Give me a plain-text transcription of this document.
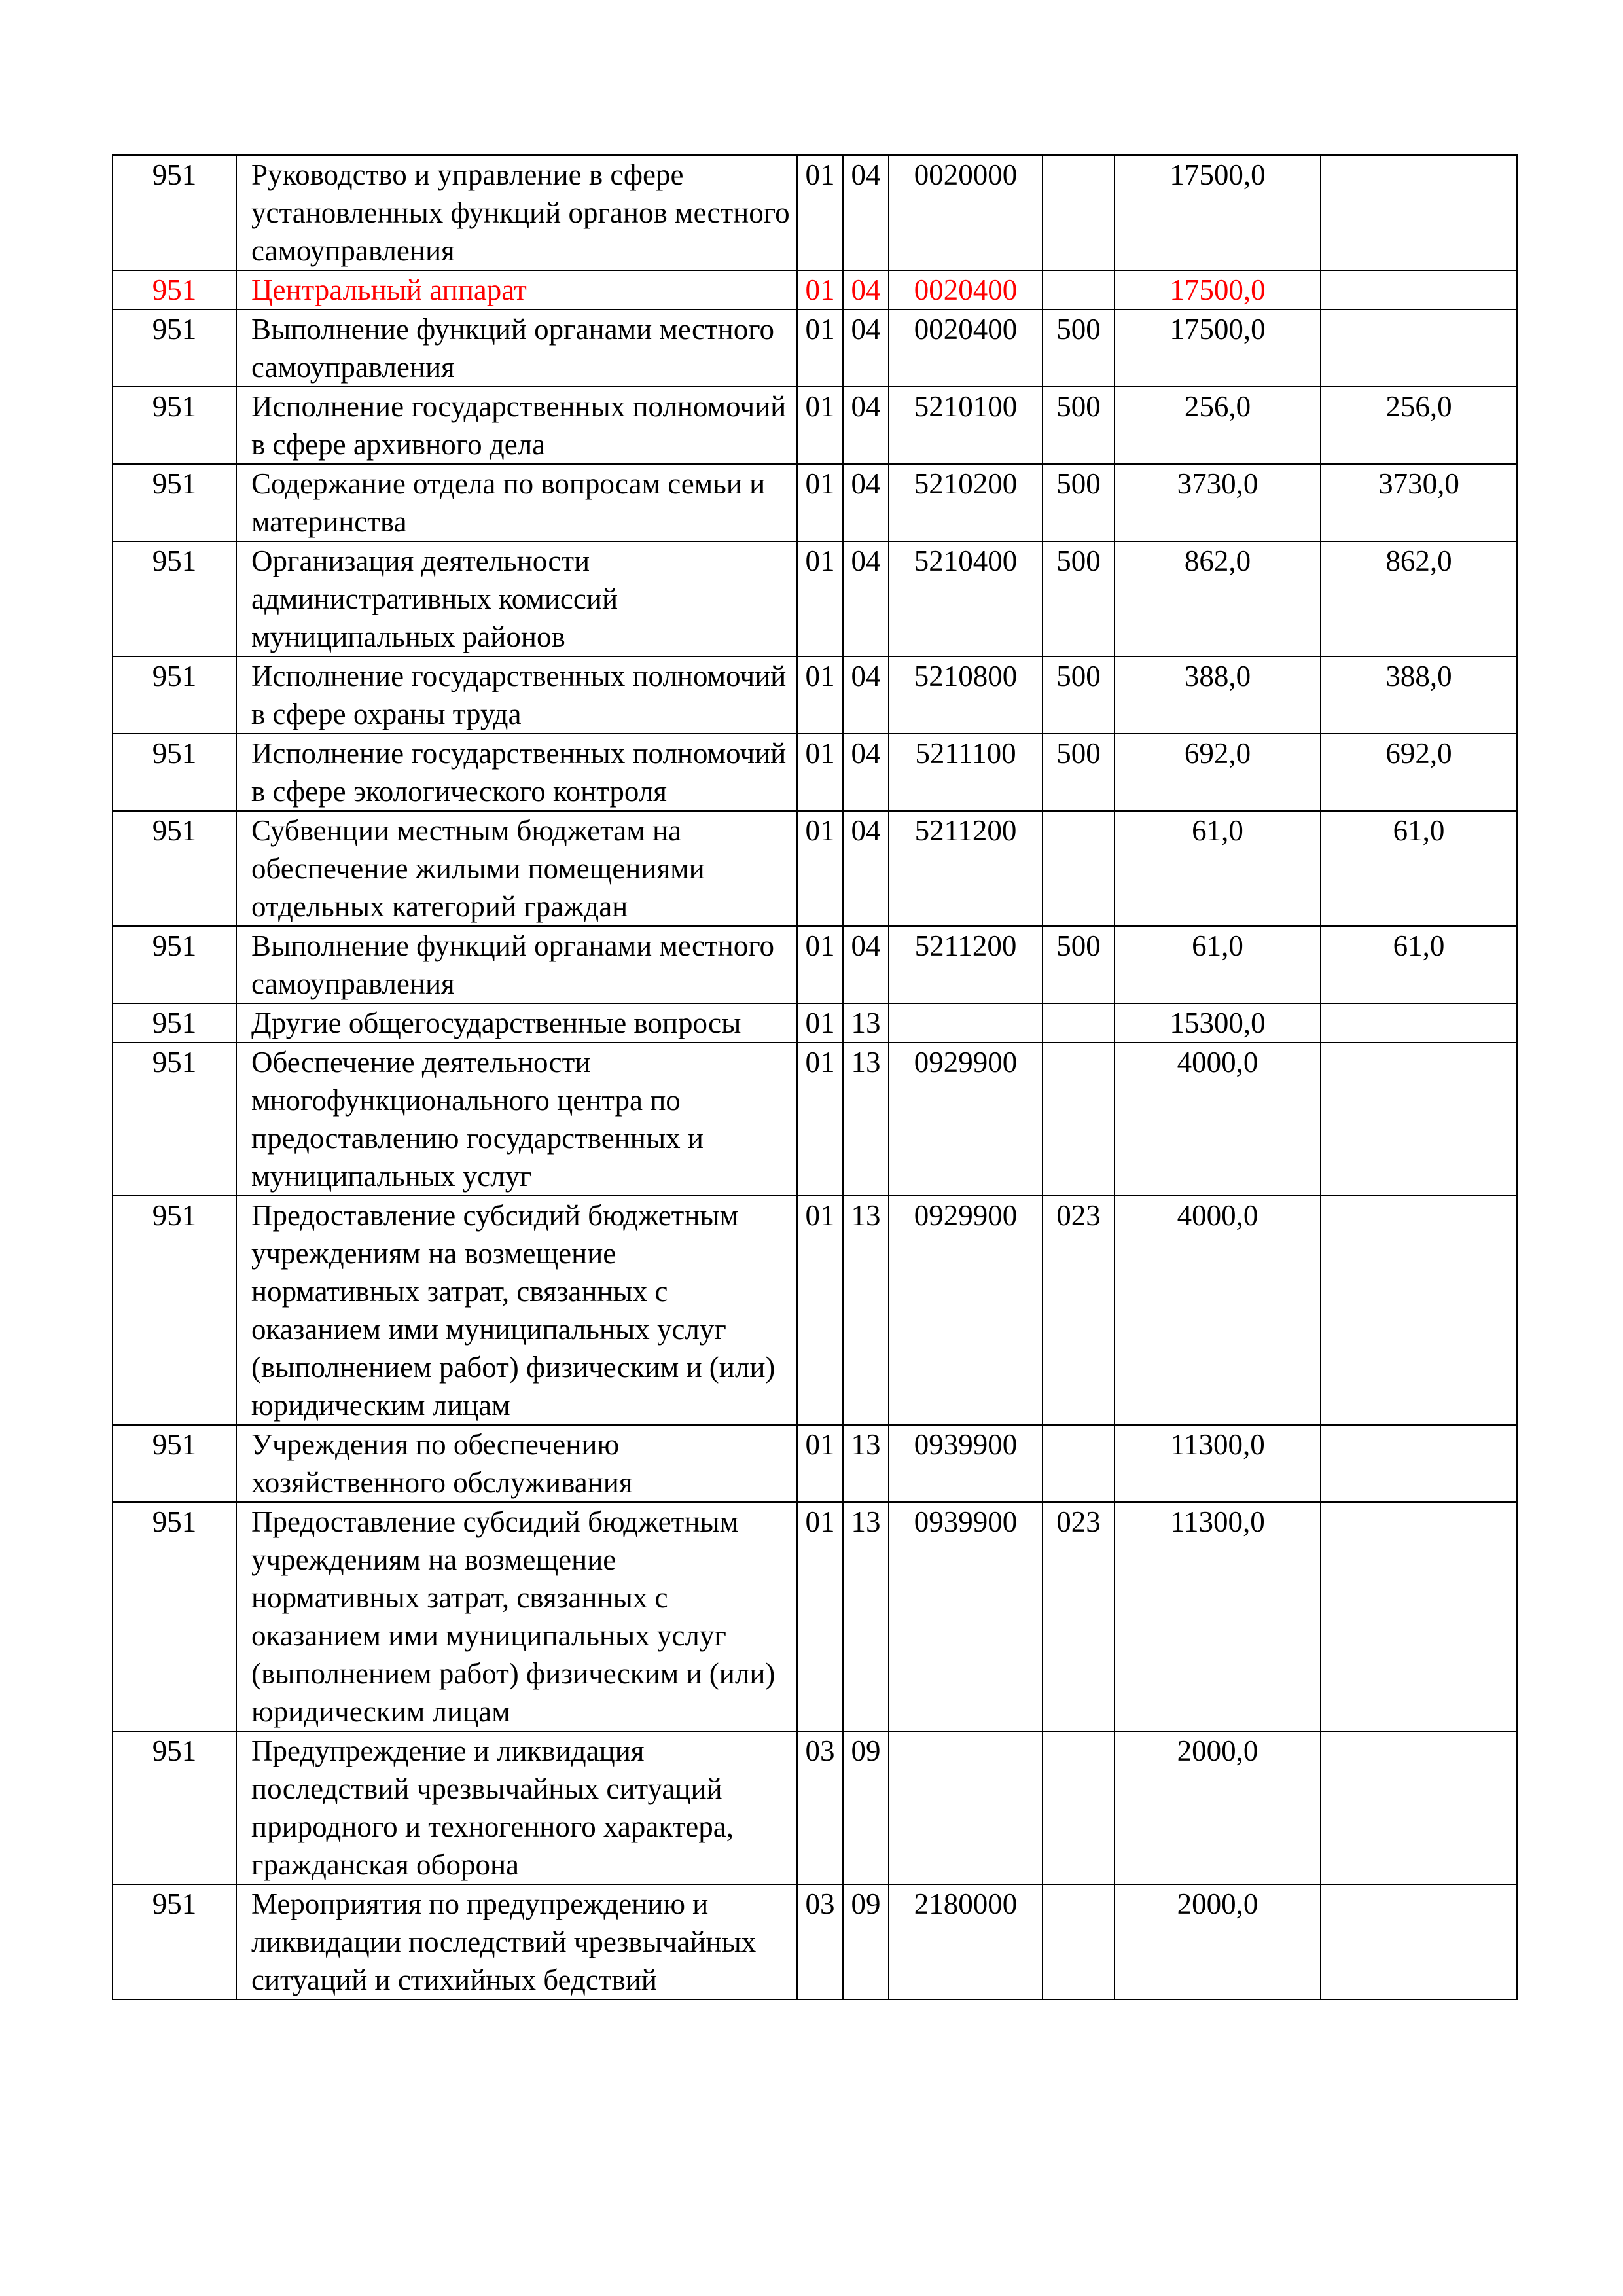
951	Руководство и управление в сфере установленных функций органов местного самоуправления	01	04	0020000		17500,0	
951	Центральный аппарат	01	04	0020400		17500,0	
951	Выполнение функций органами местного самоуправления	01	04	0020400	500	17500,0	
951	Исполнение государственных полномочий в сфере архивного дела	01	04	5210100	500	256,0	256,0
951	Содержание отдела по вопросам семьи и материнства	01	04	5210200	500	3730,0	3730,0
951	Организация деятельности административных комиссий муниципальных районов	01	04	5210400	500	862,0	862,0
951	Исполнение государственных полномочий в сфере охраны труда	01	04	5210800	500	388,0	388,0
951	Исполнение государственных полномочий в сфере экологического контроля	01	04	5211100	500	692,0	692,0
951	Субвенции местным бюджетам на обеспечение жилыми помещениями отдельных категорий граждан	01	04	5211200		61,0	61,0
951	Выполнение функций органами местного самоуправления	01	04	5211200	500	61,0	61,0
951	Другие общегосударственные вопросы	01	13			15300,0	
951	Обеспечение деятельности многофункционального центра по предоставлению государственных и муниципальных услуг	01	13	0929900		4000,0	
951	Предоставление субсидий бюджетным учреждениям на возмещение нормативных затрат, связанных с оказанием ими муниципальных услуг (выполнением работ) физическим и (или) юридическим лицам	01	13	0929900	023	4000,0	
951	Учреждения по обеспечению хозяйственного обслуживания	01	13	0939900		11300,0	
951	Предоставление субсидий бюджетным учреждениям на возмещение нормативных затрат, связанных с оказанием ими муниципальных услуг (выполнением работ) физическим и (или) юридическим лицам	01	13	0939900	023	11300,0	
951	Предупреждение и ликвидация последствий чрезвычайных ситуаций природного и техногенного характера, гражданская оборона	03	09			2000,0	
951	Мероприятия по предупреждению и ликвидации последствий чрезвычайных ситуаций и стихийных бедствий	03	09	2180000		2000,0	
